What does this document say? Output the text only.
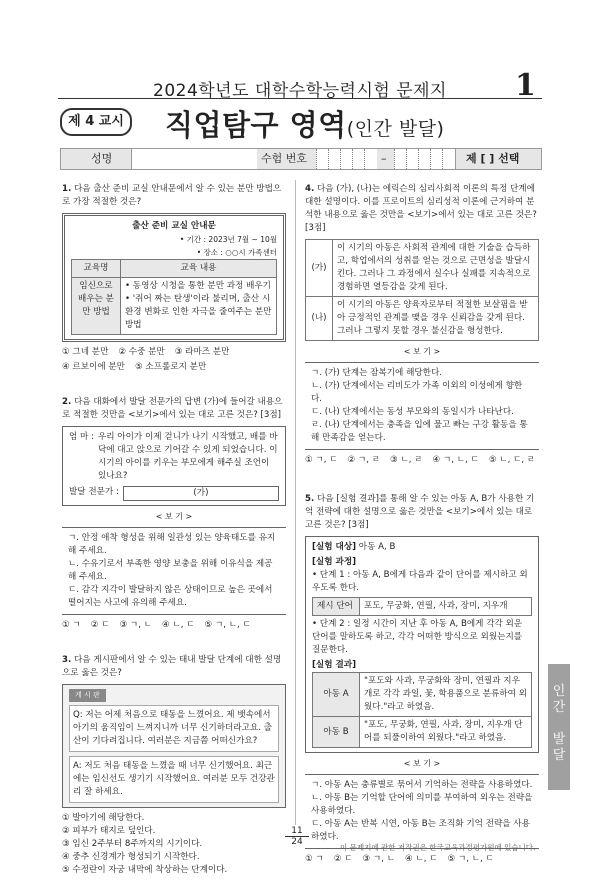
2024학년도 대학수학능력시험 문제지	1
제 4 교시 직업탐구 영역(인간 발달)
성명	수험 번호	–	제 [ ] 선택
1. 다음 출산 준비 교실 안내문에서 알 수 있는 분만 방법으로 가장 적절한 것은?
출산 준비 교실 안내문
• 기간 : 2023년 7월 ~ 10월
• 장소 : ○○시 가족센터
교육명	교육 내용
임신으로 배우는 분만 방법	• 동영상 시청을 통한 분만 과정 배우기
• '쥐어 짜는 탄생'이라 불리며, 출산 시 환경 변화로 인한 자극을 줄여주는 분만 방법
① 그네 분만 ② 수중 분만 ③ 라마즈 분만
④ 르보이에 분만 ⑤ 소프롤로지 분만
2. 다음 대화에서 발달 전문가의 답변 (가)에 들어갈 내용으로 적절한 것만을 <보기>에서 있는 대로 고른 것은? [3점]
엄 마 : 우리 아이가 이제 걷니가 나기 시작했고, 배를 바닥에 대고 앉으로 기어갈 수 있게 되었습니다. 이 시기의 아이를 키우는 부모에게 해주실 조언이 있나요?
발달 전문가 :	(가)
< 보 기 >
ㄱ. 안정 애착 형성을 위해 일관성 있는 양육태도를 유지해 주세요.
ㄴ. 수유기로서 부족한 영양 보충을 위해 이유식을 제공해 주세요.
ㄷ. 감각 지각이 발달하지 않은 상태이므로 높은 곳에서 떨어지는 사고에 유의해 주세요.
① ㄱ ② ㄷ ③ ㄱ, ㄴ ④ ㄴ, ㄷ ⑤ ㄱ, ㄴ, ㄷ
3. 다음 게시판에서 알 수 있는 태내 발달 단계에 대한 설명으로 옳은 것은?
게 시 판
Q: 저는 어제 처음으로 태동을 느꼈어요. 제 뱃속에서 아기의 움직임이 느껴지니까 너무 신기하더라고요. 출산이 기다려집니다. 여러분은 지금쯤 어떠신가요?
A: 저도 처음 태동을 느꼈을 때 너무 신기했어요. 최근에는 임신선도 생기기 시작했어요. 여러분 모두 건강관리 잘 하세요.
① 발아기에 해당한다.
② 피부가 태지로 덮인다.
③ 임신 2주부터 8주까지의 시기이다.
④ 중추 신경계가 형성되기 시작한다.
⑤ 수정란이 자궁 내막에 착상하는 단계이다.
4. 다음 (가), (나)는 에릭슨의 심리사회적 이론의 특정 단계에 대한 설명이다. 이를 프로이트의 심리성적 이론에 근거하여 분석한 내용으로 옳은 것만을 <보기>에서 있는 대로 고른 것은? [3점]
(가)	이 시기의 아동은 사회적 관계에 대한 기술을 습득하고, 학업에서의 성취를 얻는 것으로 근면성을 발달시킨다. 그러나 그 과정에서 실수나 실패를 지속적으로 경험하면 열등감을 갖게 된다.
(나)	이 시기의 아동은 양육자로부터 적절한 보살핌을 받아 긍정적인 관계를 맺을 경우 신뢰감을 갖게 된다. 그러나 그렇지 못할 경우 불신감을 형성한다.
< 보 기 >
ㄱ. (가) 단계는 잠복기에 해당한다.
ㄴ. (가) 단계에서는 리비도가 가족 이외의 이성에게 향한다.
ㄷ. (나) 단계에서는 동성 부모와의 동일시가 나타난다.
ㄹ. (나) 단계에서는 충족을 입에 물고 빠는 구강 활동을 통해 만족감을 얻는다.
① ㄱ, ㄷ ② ㄱ, ㄹ ③ ㄴ, ㄹ ④ ㄱ, ㄴ, ㄷ ⑤ ㄴ, ㄷ, ㄹ
5. 다음 [실험 결과]를 통해 알 수 있는 아동 A, B가 사용한 기억 전략에 대한 설명으로 옳은 것만을 <보기>에서 있는 대로 고른 것은? [3점]
[실험 대상] 아동 A, B
[실험 과정]
• 단계 1 : 아동 A, B에게 다음과 같이 단어를 제시하고 외우도록 한다.
제시 단어	포도, 무궁화, 연필, 사과, 장미, 지우개
• 단계 2 : 일정 시간이 지난 후 아동 A, B에게 각각 외운 단어를 말하도록 하고, 각각 어떠한 방식으로 외웠는지를 질문한다.
[실험 결과]
아동 A	"포도와 사과, 무궁화와 장미, 연필과 지우개로 각각 과일, 꽃, 학용품으로 분류하여 외웠다."라고 하였음.
아동 B	"포도, 무궁화, 연필, 사과, 장미, 지우개 단어를 되풀이하여 외웠다."라고 하였음.
< 보 기 >
ㄱ. 아동 A는 충류별로 묶어서 기억하는 전략을 사용하였다.
ㄴ. 아동 B는 기억할 단어에 의미를 부여하여 외우는 전략을 사용하였다.
ㄷ. 아동 A는 반복 시연, 아동 B는 조직화 기억 전략을 사용하였다.
① ㄱ ② ㄷ ③ ㄱ, ㄴ ④ ㄴ, ㄷ ⑤ ㄱ, ㄴ, ㄷ
인
간

발
달

11
24
이 문제지에 관한 저작권은 한국교육과정평가원에 있습니다.
